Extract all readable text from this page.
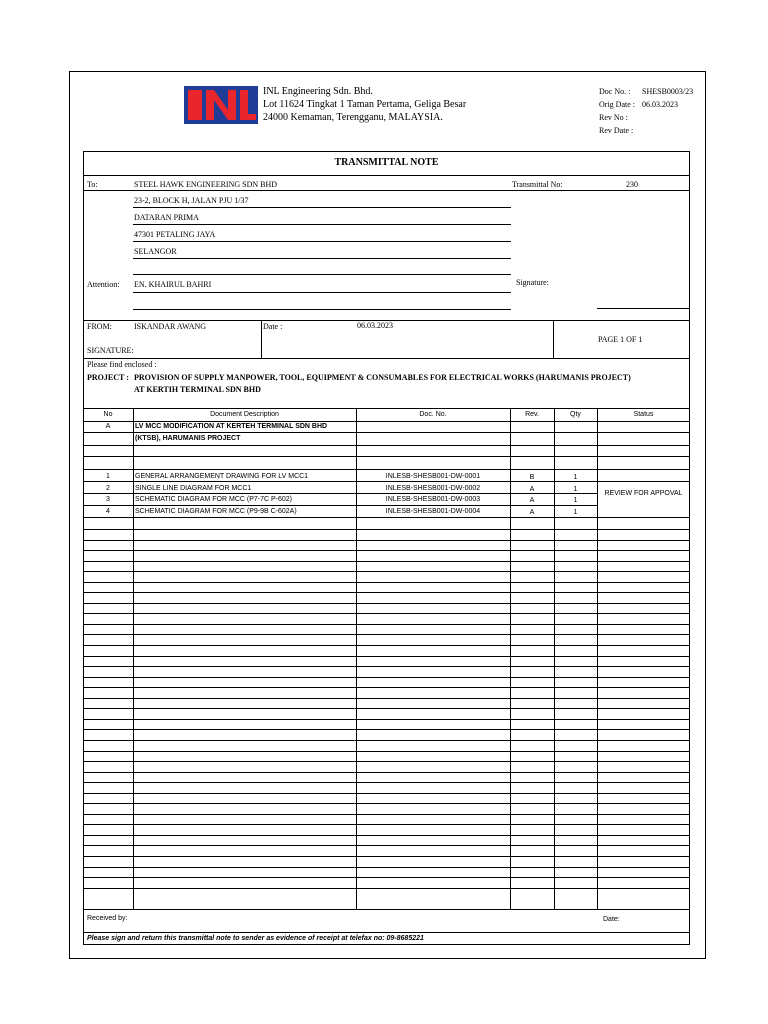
INL Engineering Sdn. Bhd.
Lot 11624 Tingkat 1 Taman Pertama, Geliga Besar
24000 Kemaman, Terengganu, MALAYSIA.
Doc No. : SHESB0003/23
Orig Date : 06.03.2023
Rev No :
Rev Date :
TRANSMITTAL NOTE
To:	STEEL HAWK ENGINEERING SDN BHD
23-2, BLOCK H, JALAN PJU 1/37
DATARAN PRIMA
47301 PETALING JAYA
SELANGOR
Transmittal No:	230
Attention: EN. KHAIRUL BAHRI	Signature:
FROM:	ISKANDAR AWANG	Date :	06.03.2023
PAGE 1 OF 1
SIGNATURE:
Please find enclosed :
PROJECT : PROVISION OF SUPPLY MANPOWER, TOOL, EQUIPMENT & CONSUMABLES FOR ELECTRICAL WORKS (HARUMANIS PROJECT)
AT KERTIH TERMINAL SDN BHD
No	Document Description	Doc. No.	Rev.	Qty	Status
A	LV MCC MODIFICATION AT KERTEH TERMINAL SDN BHD
(KTSB), HARUMANIS PROJECT
1	GENERAL ARRANGEMENT DRAWING FOR LV MCC1	INLESB-SHESB001-DW-0001	B	1
2	SINGLE LINE DIAGRAM FOR MCC1	INLESB-SHESB001-DW-0002	A	1
3	SCHEMATIC DIAGRAM FOR MCC (P7-7C P-602)	INLESB-SHESB001-DW-0003	A	1
4	SCHEMATIC DIAGRAM FOR MCC (P9-9B C-602A)	INLESB-SHESB001-DW-0004	A	1
REVIEW FOR APPOVAL
Received by:	Date:
Please sign and return this transmittal note to sender as evidence of receipt at telefax no: 09-8685221
